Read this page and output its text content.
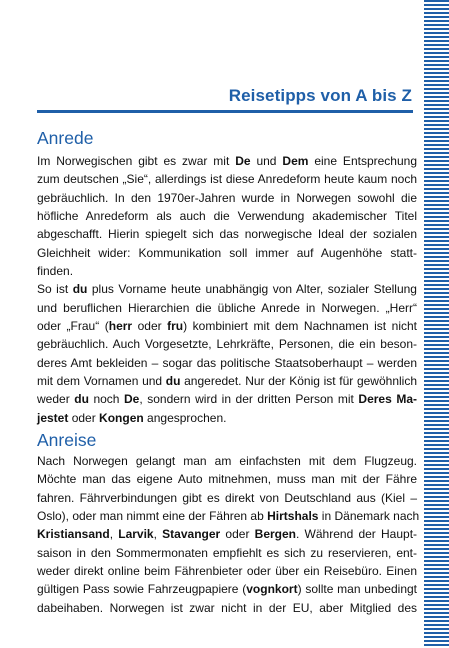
Reisetipps von A bis Z
Anrede
Im Norwegischen gibt es zwar mit De und Dem eine Entsprechung
zum deutschen „Sie“, allerdings ist diese Anredeform heute kaum noch
gebräuchlich. In den 1970er-Jahren wurde in Norwegen sowohl die
höfliche Anredeform als auch die Verwendung akademischer Titel
abgeschafft. Hierin spiegelt sich das norwegische Ideal der sozialen
Gleichheit wider: Kommunikation soll immer auf Augenhöhe statt-
finden.
So ist du plus Vorname heute unabhängig von Alter, sozialer Stellung
und beruflichen Hierarchien die übliche Anrede in Norwegen. „Herr“
oder „Frau“ (herr oder fru) kombiniert mit dem Nachnamen ist nicht
gebräuchlich. Auch Vorgesetzte, Lehrkräfte, Personen, die ein beson-
deres Amt bekleiden – sogar das politische Staatsoberhaupt – werden
mit dem Vornamen und du angeredet. Nur der König ist für gewöhnlich
weder du noch De, sondern wird in der dritten Person mit Deres Ma-
jestet oder Kongen angesprochen.
Anreise
Nach Norwegen gelangt man am einfachsten mit dem Flugzeug.
Möchte man das eigene Auto mitnehmen, muss man mit der Fähre
fahren. Fährverbindungen gibt es direkt von Deutschland aus (Kiel –
Oslo), oder man nimmt eine der Fähren ab Hirtshals in Dänemark nach
Kristiansand, Larvik, Stavanger oder Bergen. Während der Haupt-
saison in den Sommermonaten empfiehlt es sich zu reservieren, ent-
weder direkt online beim Fährenbieter oder über ein Reisebüro. Einen
gültigen Pass sowie Fahrzeugpapiere (vognkort) sollte man unbedingt
dabeihaben. Norwegen ist zwar nicht in der EU, aber Mitglied des
